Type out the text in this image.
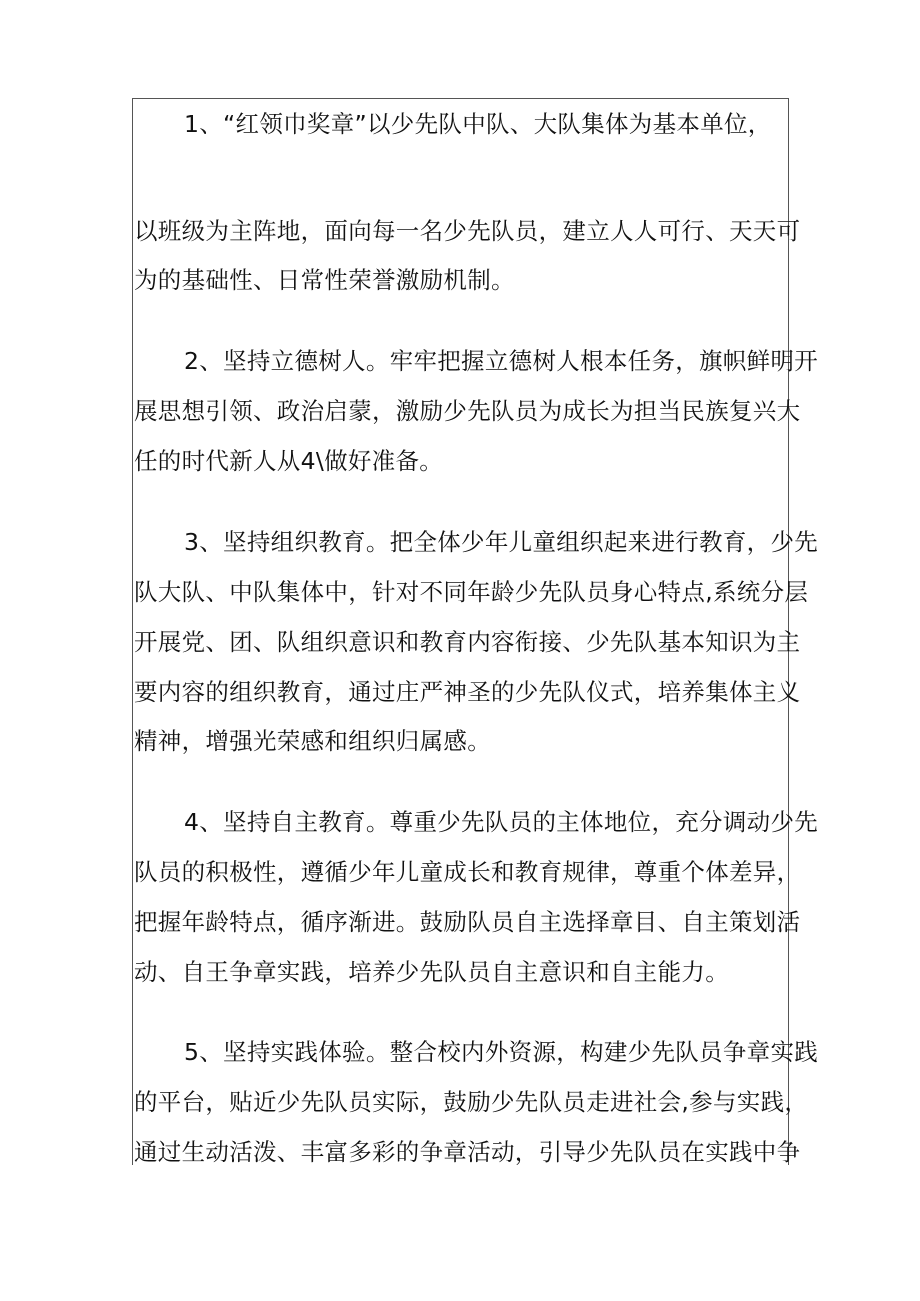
1、“红领巾奖章”以少先队中队、大队集体为基本单位，

以班级为主阵地，面向每一名少先队员，建立人人可行、天天可

为的基础性、日常性荣誉激励机制。

2、坚持立德树人。牢牢把握立德树人根本任务，旗帜鲜明开

展思想引领、政治启蒙，激励少先队员为成长为担当民族复兴大

任的时代新人从4\做好准备。

3、坚持组织教育。把全体少年儿童组织起来进行教育，少先

队大队、中队集体中，针对不同年龄少先队员身心特点,系统分层

开展党、团、队组织意识和教育内容衔接、少先队基本知识为主

要内容的组织教育，通过庄严神圣的少先队仪式，培养集体主义

精神，增强光荣感和组织归属感。

4、坚持自主教育。尊重少先队员的主体地位，充分调动少先

队员的积极性，遵循少年儿童成长和教育规律，尊重个体差异，

把握年龄特点，循序渐进。鼓励队员自主选择章目、自主策划活

动、自王争章实践，培养少先队员自主意识和自主能力。

5、坚持实践体验。整合校内外资源，构建少先队员争章实践

的平台，贴近少先队员实际，鼓励少先队员走进社会,参与实践，

通过生动活泼、丰富多彩的争章活动，引导少先队员在实践中争
